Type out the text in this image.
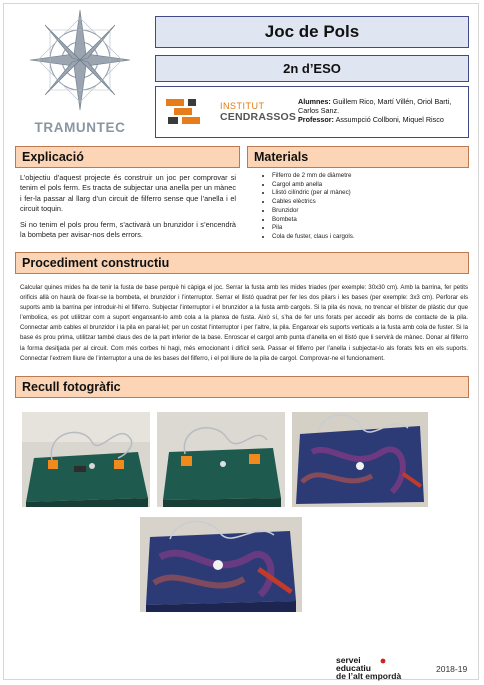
TRAMUNTEC
Joc de Pols
2n d’ESO
INSTITUT
CENDRASSOS
Alumnes: Guillem Rico, Martí Villén, Oriol Barti, Carlos Sanz.
Professor: Assumpció Collboni, Miquel Risco
Explicació
L’objectiu d’aquest projecte és construir un joc per comprovar si tenim el pols ferm. Es tracta de subjectar una anella per un mànec i fer-la passar al llarg d’un circuit de filferro sense que l’anella i el circuit toquin.
Si no tenim el pols prou ferm, s’activarà un brunzidor i s’encendrà la bombeta per avisar-nos dels errors.
Materials
• Filferro de 2 mm de diàmetre
• Cargol amb anella
• Llistó cilíndric (per al mànec)
• Cables elèctrics
• Brunzidor
• Bombeta
• Pila
• Cola de fuster, claus i cargols.
Procediment constructiu
Calcular quines mides ha de tenir la fusta de base perquè hi càpiga el joc. Serrar la fusta amb les mides triades (per exemple: 30x30 cm). Amb la barrina, fer petits orificis allà on haurà de fixar-se la bombeta, el brunzidor i l’interruptor. Serrar el llistó quadrat per fer les dos pilars i les bases (per exemple: 3x3 cm). Perforar els suports amb la barrina per introduir-hi el filferro. Subjectar l’interruptor i el brunzidor a la fusta amb cargols. Si la pila és nova, no trencar el blister de plàstic dur que l’embolica, es pot utilitzar com a suport enganxant-lo amb cola a la planxa de fusta. Això sí, s’ha de fer uns forats per accedir als borns de contacte de la pila. Connectar amb cables el brunzidor i la pila en paral·lel; per un costat l’interruptor i per l’altre, la pila. Enganxar els suports verticals a la fusta amb cola de fuster. Si la base és prou prima, utilitzar també claus des de la part inferior de la base. Enroscar el cargol amb punta d’anella en el llistó que li servirà de mànec. Donar al filferro la forma desitjada per al circuit. Com més corbes hi hagi, més emocionant i difícil serà. Passar el filferro per l’anella i subjectar-lo als forats fets en els suports. Connectar l’extrem lliure de l’interruptor a una de les bases del filferro, i el pol lliure de la pila de cargol. Comprovar-ne el funcionament.
Recull fotogràfic
servei
educatiu
de l’alt empordà
2018-19
